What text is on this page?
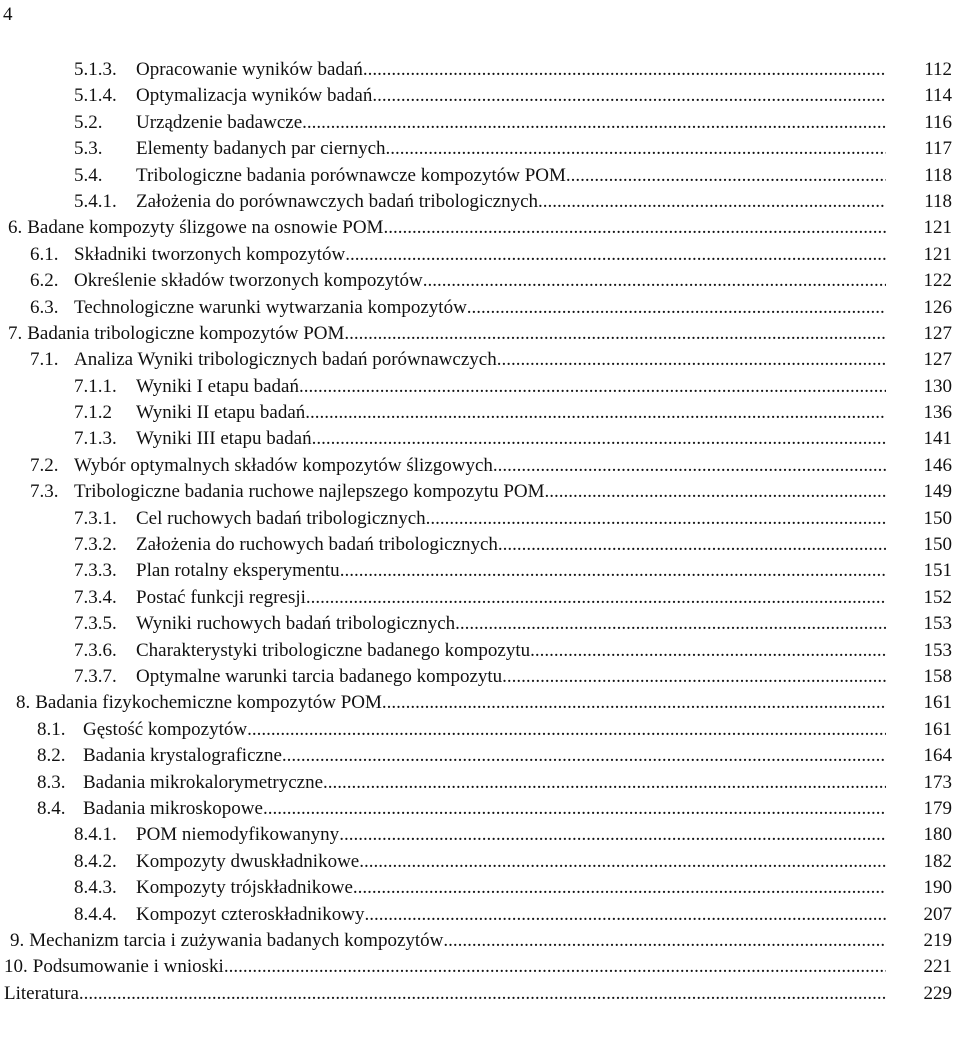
4
5.1.3.	Opracowanie wyników badań .....	112
5.1.4.	Optymalizacja wyników badań .....	114
5.2.	Urządzenie badawcze .....	116
5.3.	Elementy badanych par ciernych .....	117
5.4.	Tribologiczne badania porównawcze kompozytów POM .....	118
5.4.1.	Założenia do porównawczych badań tribologicznych. .....	118
6. Badane kompozyty ślizgowe na osnowie POM .....	121
6.1. Składniki tworzonych kompozytów .....	121
6.2. Określenie składów tworzonych kompozytów .....	122
6.3. Technologiczne warunki wytwarzania kompozytów .....	126
7. Badania tribologiczne kompozytów POM .....	127
7.1. Analiza Wyniki tribologicznych badań porównawczych .....	127
7.1.1.	Wyniki I etapu badań .....	130
7.1.2	Wyniki II etapu badań .....	136
7.1.3.	Wyniki III etapu badań .....	141
7.2. Wybór optymalnych składów kompozytów ślizgowych .....	146
7.3. Tribologiczne badania ruchowe najlepszego kompozytu POM .....	149
7.3.1.	Cel ruchowych badań tribologicznych .....	150
7.3.2.	Założenia do ruchowych badań tribologicznych .....	150
7.3.3.	Plan rotalny eksperymentu .....	151
7.3.4.	Postać funkcji regresji .....	152
7.3.5.	Wyniki ruchowych badań tribologicznych .....	153
7.3.6.	Charakterystyki tribologiczne badanego kompozytu .....	153
7.3.7.	Optymalne warunki tarcia badanego kompozytu .....	158
8. Badania fizykochemiczne kompozytów POM .....	161
8.1. Gęstość kompozytów .....	161
8.2. Badania krystalograficzne .....	164
8.3. Badania mikrokalorymetryczne .....	173
8.4. Badania mikroskopowe .....	179
8.4.1.	POM niemodyfikowanyny .....	180
8.4.2.	Kompozyty dwuskładnikowe .....	182
8.4.3.	Kompozyty trójskładnikowe .....	190
8.4.4.	Kompozyt czteroskładnikowy .....	207
9. Mechanizm tarcia i zużywania badanych kompozytów .....	219
10. Podsumowanie i wnioski .....	221
Literatura .....	229
